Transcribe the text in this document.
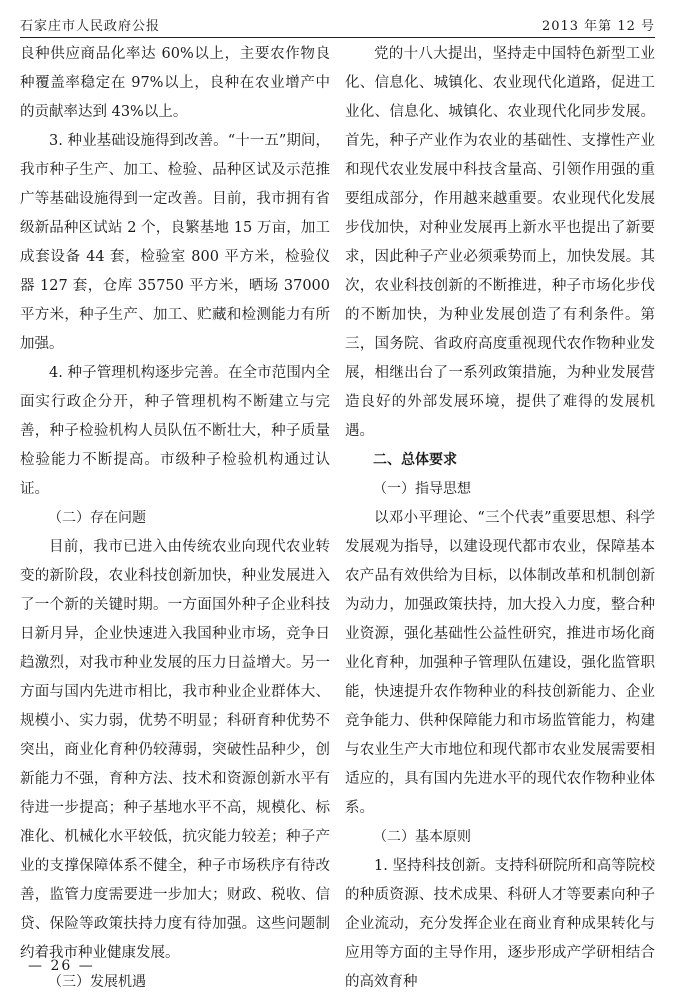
石家庄市人民政府公报	2013 年第 12 号

良种供应商品化率达 60%以上，主要农作物良种覆盖率稳定在 97%以上，良种在农业增产中的贡献率达到 43%以上。

3. 种业基础设施得到改善。“十一五”期间，我市种子生产、加工、检验、品种区试及示范推广等基础设施得到一定改善。目前，我市拥有省级新品种区试站 2 个，良繁基地 15 万亩，加工成套设备 44 套，检验室 800 平方米，检验仪器 127 套，仓库 35750 平方米，晒场 37000 平方米，种子生产、加工、贮藏和检测能力有所加强。

4. 种子管理机构逐步完善。在全市范围内全面实行政企分开，种子管理机构不断建立与完善，种子检验机构人员队伍不断壮大，种子质量检验能力不断提高。市级种子检验机构通过认证。

（二）存在问题

目前，我市已进入由传统农业向现代农业转变的新阶段，农业科技创新加快，种业发展进入了一个新的关键时期。一方面国外种子企业科技日新月异，企业快速进入我国种业市场，竞争日趋激烈，对我市种业发展的压力日益增大。另一方面与国内先进市相比，我市种业企业群体大、规模小、实力弱，优势不明显；科研育种优势不突出，商业化育种仍较薄弱，突破性品种少，创新能力不强，育种方法、技术和资源创新水平有待进一步提高；种子基地水平不高，规模化、标准化、机械化水平较低，抗灾能力较差；种子产业的支撑保障体系不健全，种子市场秩序有待改善，监管力度需要进一步加大；财政、税收、信贷、保险等政策扶持力度有待加强。这些问题制约着我市种业健康发展。

（三）发展机遇

党的十八大提出，坚持走中国特色新型工业化、信息化、城镇化、农业现代化道路，促进工业化、信息化、城镇化、农业现代化同步发展。首先，种子产业作为农业的基础性、支撑性产业和现代农业发展中科技含量高、引领作用强的重要组成部分，作用越来越重要。农业现代化发展步伐加快，对种业发展再上新水平也提出了新要求，因此种子产业必须乘势而上，加快发展。其次，农业科技创新的不断推进，种子市场化步伐的不断加快，为种业发展创造了有利条件。第三，国务院、省政府高度重视现代农作物种业发展，相继出台了一系列政策措施，为种业发展营造良好的外部发展环境，提供了难得的发展机遇。

二、总体要求

（一）指导思想

以邓小平理论、“三个代表”重要思想、科学发展观为指导，以建设现代都市农业，保障基本农产品有效供给为目标，以体制改革和机制创新为动力，加强政策扶持，加大投入力度，整合种业资源，强化基础性公益性研究，推进市场化商业化育种，加强种子管理队伍建设，强化监管职能，快速提升农作物种业的科技创新能力、企业竞争能力、供种保障能力和市场监管能力，构建与农业生产大市地位和现代都市农业发展需要相适应的，具有国内先进水平的现代农作物种业体系。

（二）基本原则

1. 坚持科技创新。支持科研院所和高等院校的种质资源、技术成果、科研人才等要素向种子企业流动，充分发挥企业在商业育种成果转化与应用等方面的主导作用，逐步形成产学研相结合的高效育种

— 26 —
